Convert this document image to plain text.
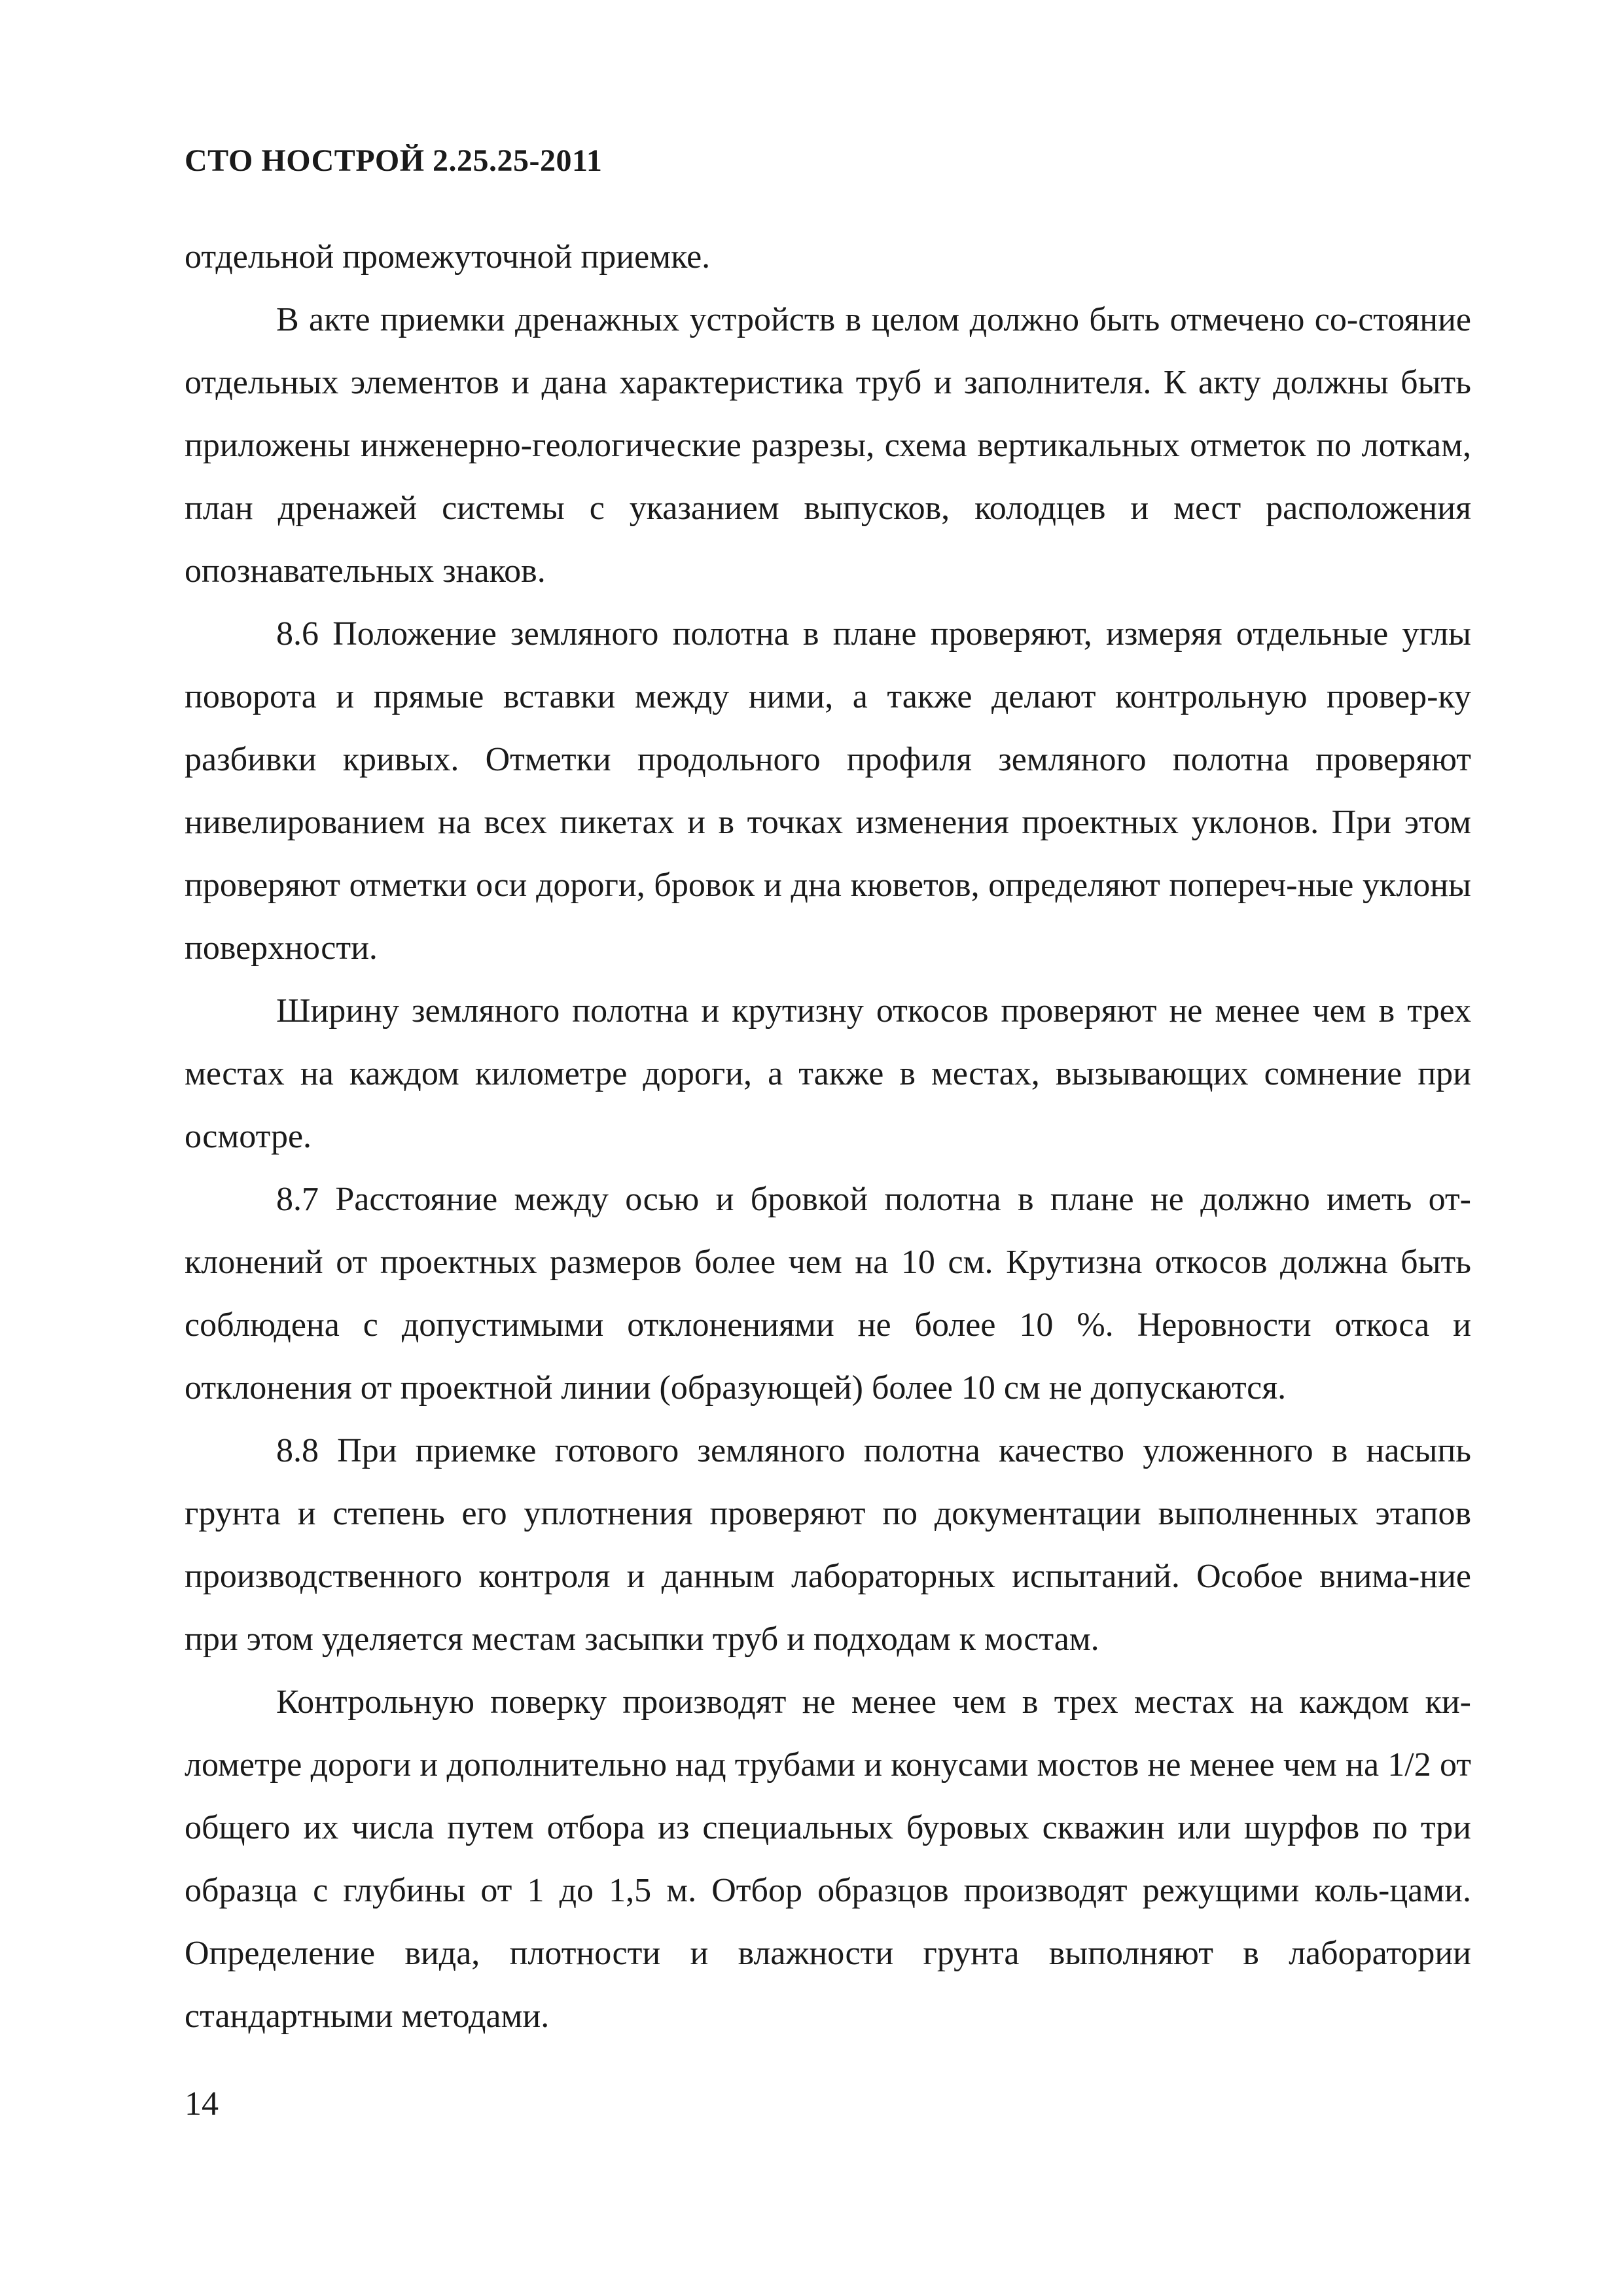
СТО НОСТРОЙ 2.25.25-2011

отдельной промежуточной приемке.

В акте приемки дренажных устройств в целом должно быть отмечено со-стояние отдельных элементов и дана характеристика труб и заполнителя. К акту должны быть приложены инженерно-геологические разрезы, схема вертикальных отметок по лоткам, план дренажей системы с указанием выпусков, колодцев и мест расположения опознавательных знаков.

8.6 Положение земляного полотна в плане проверяют, измеряя отдельные углы поворота и прямые вставки между ними, а также делают контрольную провер-ку разбивки кривых. Отметки продольного профиля земляного полотна проверяют нивелированием на всех пикетах и в точках изменения проектных уклонов. При этом проверяют отметки оси дороги, бровок и дна кюветов, определяют попереч-ные уклоны поверхности.

Ширину земляного полотна и крутизну откосов проверяют не менее чем в трех местах на каждом километре дороги, а также в местах, вызывающих сомнение при осмотре.

8.7 Расстояние между осью и бровкой полотна в плане не должно иметь от-клонений от проектных размеров более чем на 10 см. Крутизна откосов должна быть соблюдена с допустимыми отклонениями не более 10 %. Неровности откоса и отклонения от проектной линии (образующей) более 10 см не допускаются.

8.8 При приемке готового земляного полотна качество уложенного в насыпь грунта и степень его уплотнения проверяют по документации выполненных этапов производственного контроля и данным лабораторных испытаний. Особое внима-ние при этом уделяется местам засыпки труб и подходам к мостам.

Контрольную поверку производят не менее чем в трех местах на каждом ки-лометре дороги и дополнительно над трубами и конусами мостов не менее чем на 1/2 от общего их числа путем отбора из специальных буровых скважин или шурфов по три образца с глубины от 1 до 1,5 м. Отбор образцов производят режущими коль-цами. Определение вида, плотности и влажности грунта выполняют в лаборатории стандартными методами.

14
